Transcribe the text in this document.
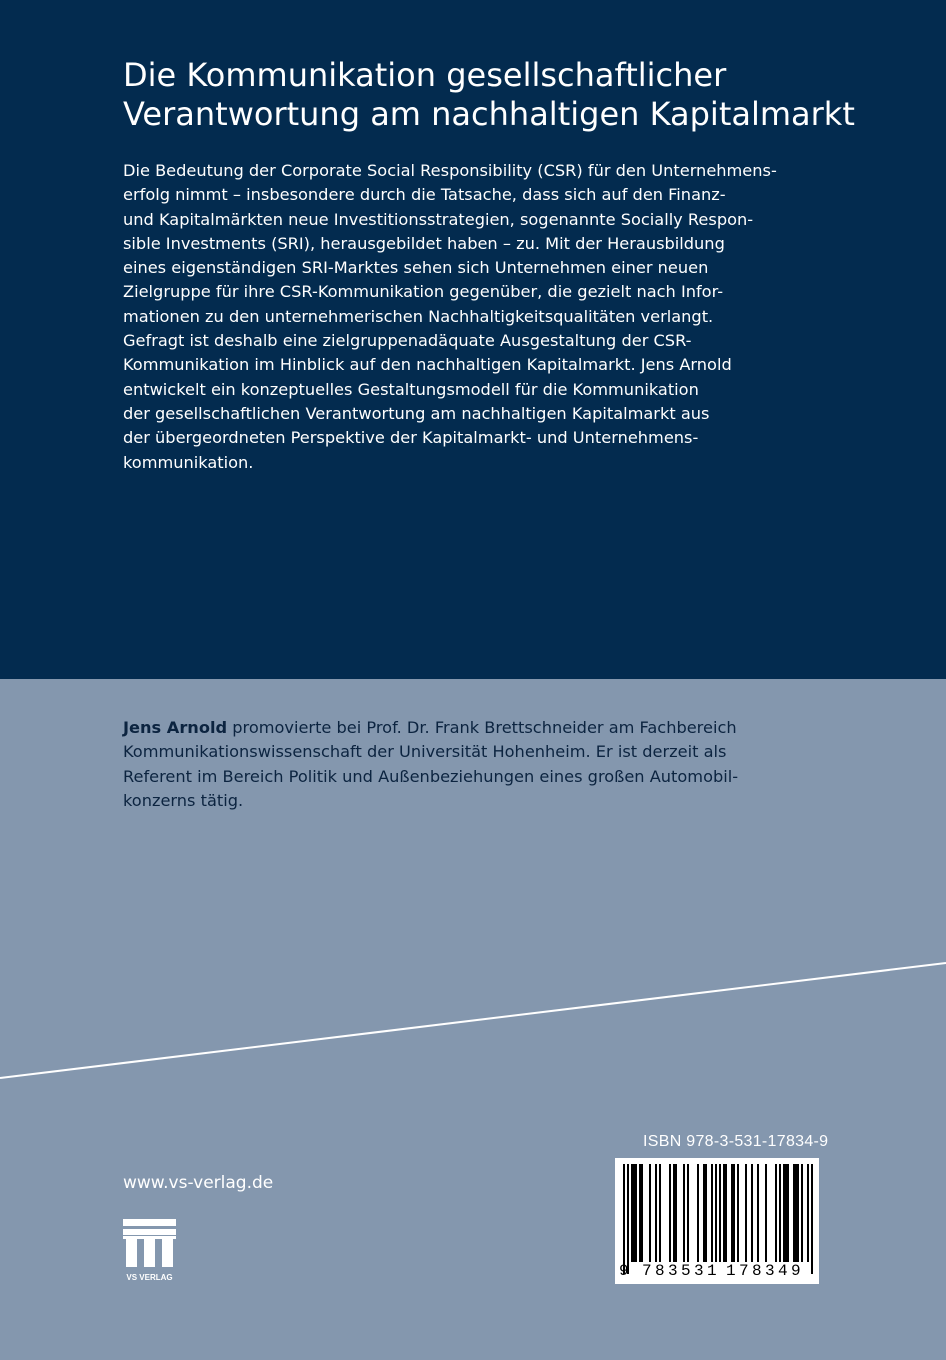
Die Kommunikation gesellschaftlicher
Verantwortung am nachhaltigen Kapitalmarkt

Die Bedeutung der Corporate Social Responsibility (CSR) für den Unternehmens-
erfolg nimmt – insbesondere durch die Tatsache, dass sich auf den Finanz-
und Kapitalmärkten neue Investitionsstrategien, sogenannte Socially Respon-
sible Investments (SRI), herausgebildet haben – zu. Mit der Herausbildung
eines eigenständigen SRI-Marktes sehen sich Unternehmen einer neuen
Zielgruppe für ihre CSR-Kommunikation gegenüber, die gezielt nach Infor-
mationen zu den unternehmerischen Nachhaltigkeitsqualitäten verlangt.
Gefragt ist deshalb eine zielgruppenadäquate Ausgestaltung der CSR-
Kommunikation im Hinblick auf den nachhaltigen Kapitalmarkt. Jens Arnold
entwickelt ein konzeptuelles Gestaltungsmodell für die Kommunikation
der gesellschaftlichen Verantwortung am nachhaltigen Kapitalmarkt aus
der übergeordneten Perspektive der Kapitalmarkt- und Unternehmens-
kommunikation.

Jens Arnold promovierte bei Prof. Dr. Frank Brettschneider am Fachbereich
Kommunikationswissenschaft der Universität Hohenheim. Er ist derzeit als
Referent im Bereich Politik und Außenbeziehungen eines großen Automobil-
konzerns tätig.

www.vs-verlag.de
VS VERLAG
ISBN 978-3-531-17834-9
9 783531 178349
